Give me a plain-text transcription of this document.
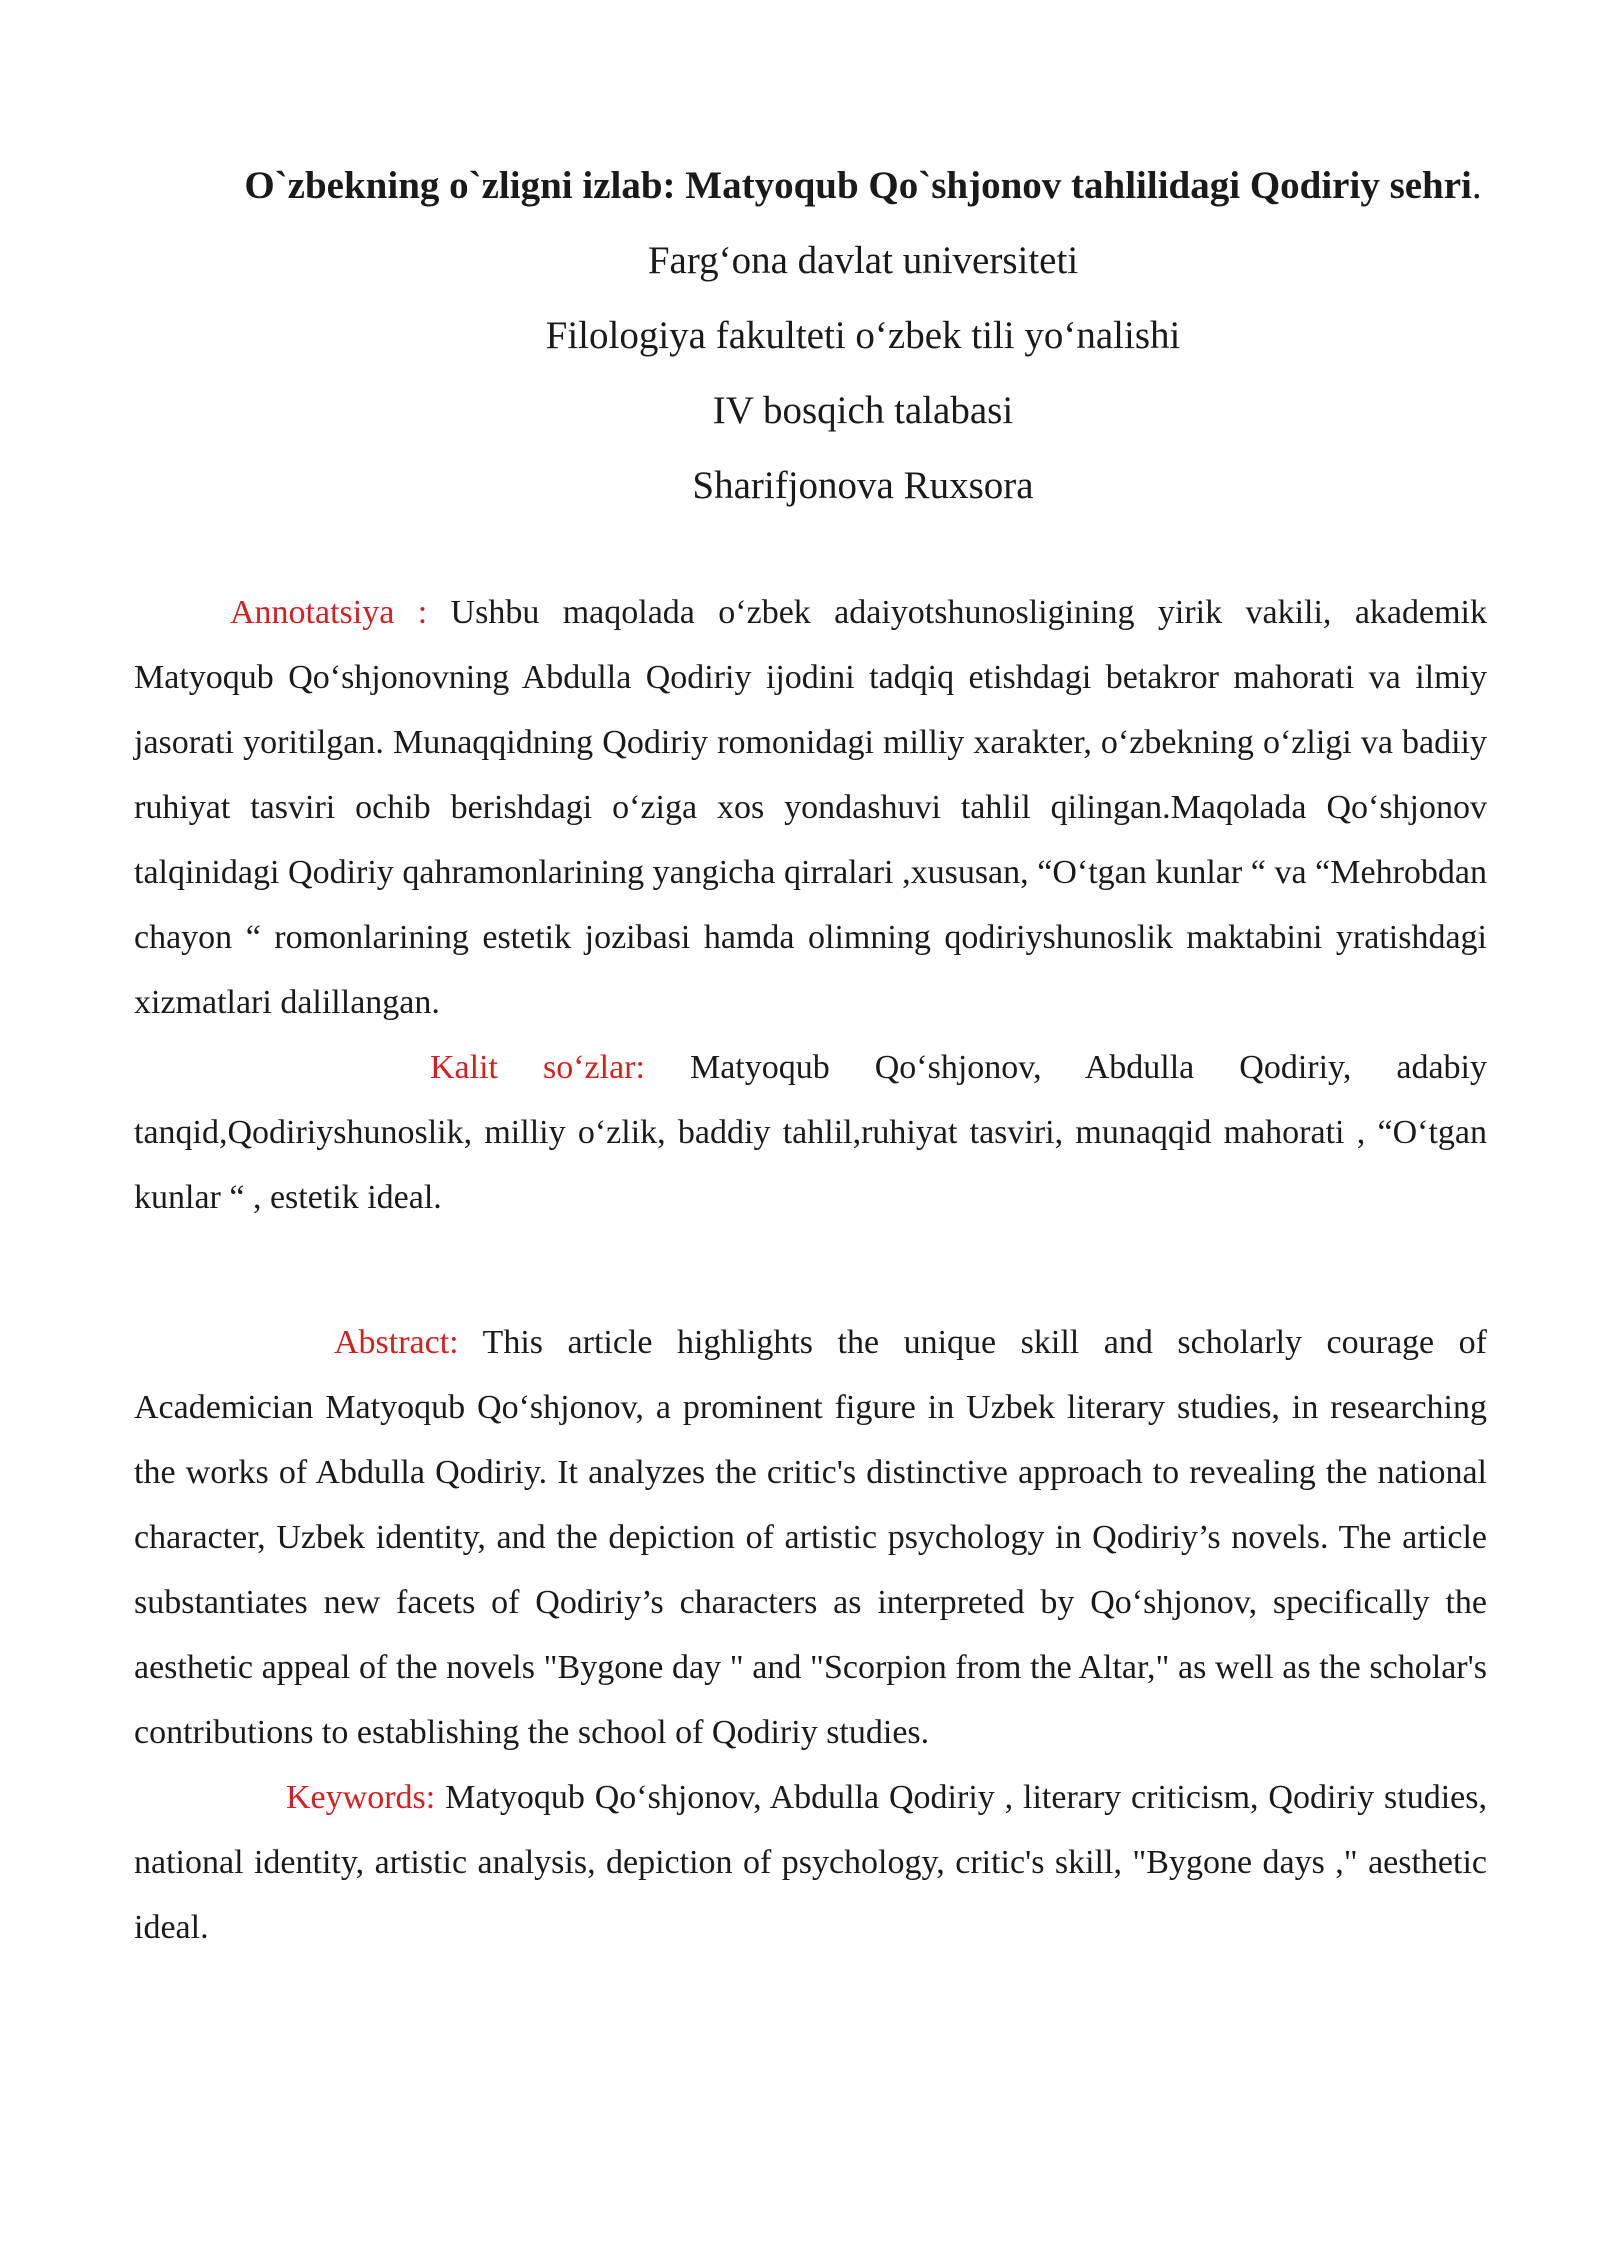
O`zbekning o`zligni izlab: Matyoqub Qo`shjonov tahlilidagi Qodiriy sehri.
Farg‘ona davlat universiteti
Filologiya fakulteti o‘zbek tili yo‘nalishi
IV bosqich talabasi
Sharifjonova Ruxsora

Annotatsiya : Ushbu maqolada o‘zbek adaiyotshunosligining yirik vakili, akademik Matyoqub Qo‘shjonovning Abdulla Qodiriy ijodini tadqiq etishdagi betakror mahorati va ilmiy jasorati yoritilgan. Munaqqidning Qodiriy romonidagi milliy xarakter, o‘zbekning o‘zligi va badiiy ruhiyat tasviri ochib berishdagi o‘ziga xos yondashuvi tahlil qilingan.Maqolada Qo‘shjonov talqinidagi Qodiriy qahramonlarining yangicha qirralari ,xususan, “O‘tgan kunlar “ va “Mehrobdan chayon “ romonlarining estetik jozibasi hamda olimning qodiriyshunoslik maktabini yratishdagi xizmatlari dalillangan.

Kalit so‘zlar: Matyoqub Qo‘shjonov, Abdulla Qodiriy, adabiy tanqid,Qodiriyshunoslik, milliy o‘zlik, baddiy tahlil,ruhiyat tasviri, munaqqid mahorati , “O‘tgan kunlar “ , estetik ideal.

Abstract: This article highlights the unique skill and scholarly courage of Academician Matyoqub Qo‘shjonov, a prominent figure in Uzbek literary studies, in researching the works of Abdulla Qodiriy. It analyzes the critic's distinctive approach to revealing the national character, Uzbek identity, and the depiction of artistic psychology in Qodiriy’s novels. The article substantiates new facets of Qodiriy’s characters as interpreted by Qo‘shjonov, specifically the aesthetic appeal of the novels "Bygone day " and "Scorpion from the Altar," as well as the scholar's contributions to establishing the school of Qodiriy studies.

Keywords: Matyoqub Qo‘shjonov, Abdulla Qodiriy , literary criticism, Qodiriy studies, national identity, artistic analysis, depiction of psychology, critic's skill, "Bygone days ," aesthetic ideal.
